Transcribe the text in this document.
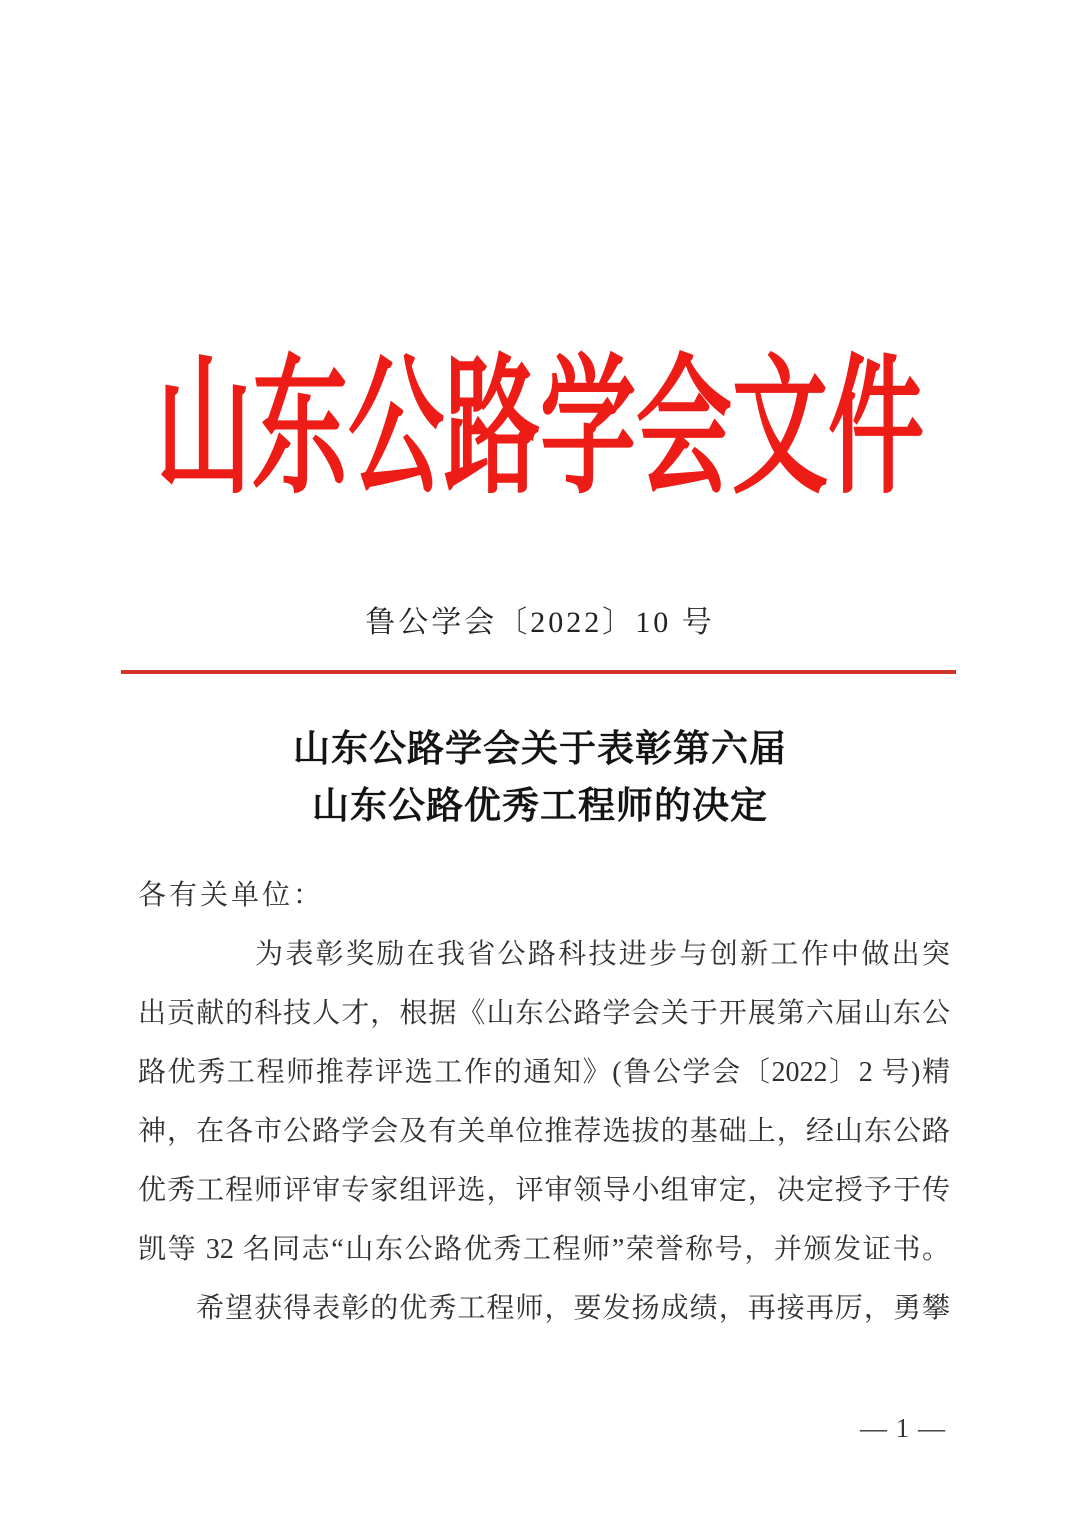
山东公路学会文件
鲁公学会〔2022〕10 号
山东公路学会关于表彰第六届
山东公路优秀工程师的决定
各有关单位：
为表彰奖励在我省公路科技进步与创新工作中做出突
出贡献的科技人才，根据《山东公路学会关于开展第六届山东公
路优秀工程师推荐评选工作的通知》(鲁公学会〔2022〕2 号)精
神，在各市公路学会及有关单位推荐选拔的基础上，经山东公路
优秀工程师评审专家组评选，评审领导小组审定，决定授予于传
凯等 32 名同志“山东公路优秀工程师”荣誉称号，并颁发证书。
希望获得表彰的优秀工程师，要发扬成绩，再接再厉，勇攀
— 1 —
